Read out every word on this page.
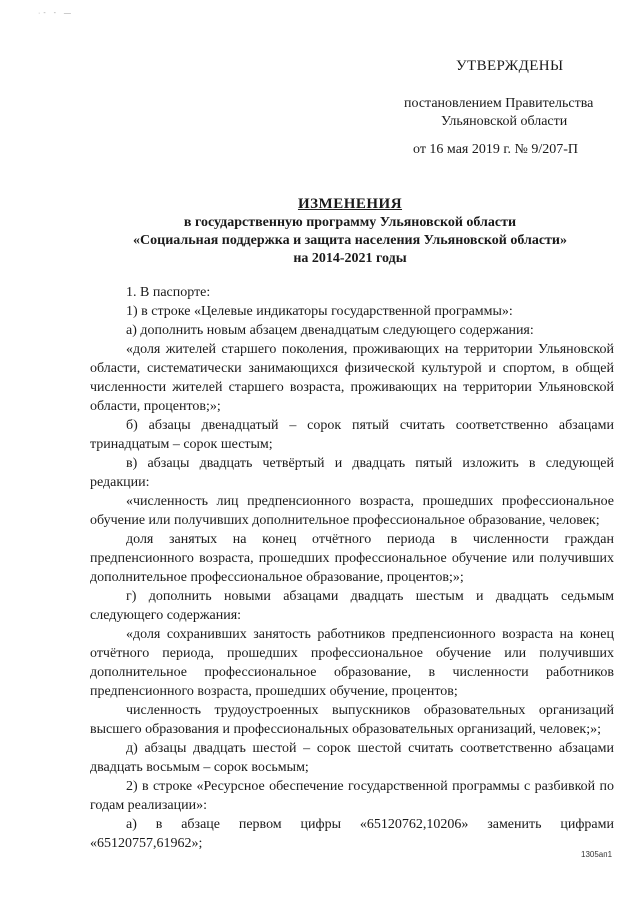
·- - —
УТВЕРЖДЕНЫ
постановлением Правительства
Ульяновской области
от 16 мая 2019 г. № 9/207-П
ИЗМЕНЕНИЯ
в государственную программу Ульяновской области
«Социальная поддержка и защита населения Ульяновской области»
на 2014-2021 годы

1. В паспорте:

1) в строке «Целевые индикаторы государственной программы»:

а) дополнить новым абзацем двенадцатым следующего содержания:

«доля жителей старшего поколения, проживающих на территории Ульяновской области, систематически занимающихся физической культурой и спортом, в общей численности жителей старшего возраста, проживающих на территории Ульяновской области, процентов;»;

б) абзацы двенадцатый – сорок пятый считать соответственно абзацами тринадцатым – сорок шестым;

в) абзацы двадцать четвёртый и двадцать пятый изложить в следующей редакции:

«численность лиц предпенсионного возраста, прошедших профессиональное обучение или получивших дополнительное профессиональное образование, человек;

доля занятых на конец отчётного периода в численности граждан предпенсионного возраста, прошедших профессиональное обучение или получивших дополнительное профессиональное образование, процентов;»;

г) дополнить новыми абзацами двадцать шестым и двадцать седьмым следующего содержания:

«доля сохранивших занятость работников предпенсионного возраста на конец отчётного периода, прошедших профессиональное обучение или получивших дополнительное профессиональное образование, в численности работников предпенсионного возраста, прошедших обучение, процентов;

численность трудоустроенных выпускников образовательных организаций высшего образования и профессиональных образовательных организаций, человек;»;

д) абзацы двадцать шестой – сорок шестой считать соответственно абзацами двадцать восьмым – сорок восьмым;

2) в строке «Ресурсное обеспечение государственной программы с разбивкой по годам реализации»:

а) в абзаце первом цифры «65120762,10206» заменить цифрами «65120757,61962»;

1305ап1
